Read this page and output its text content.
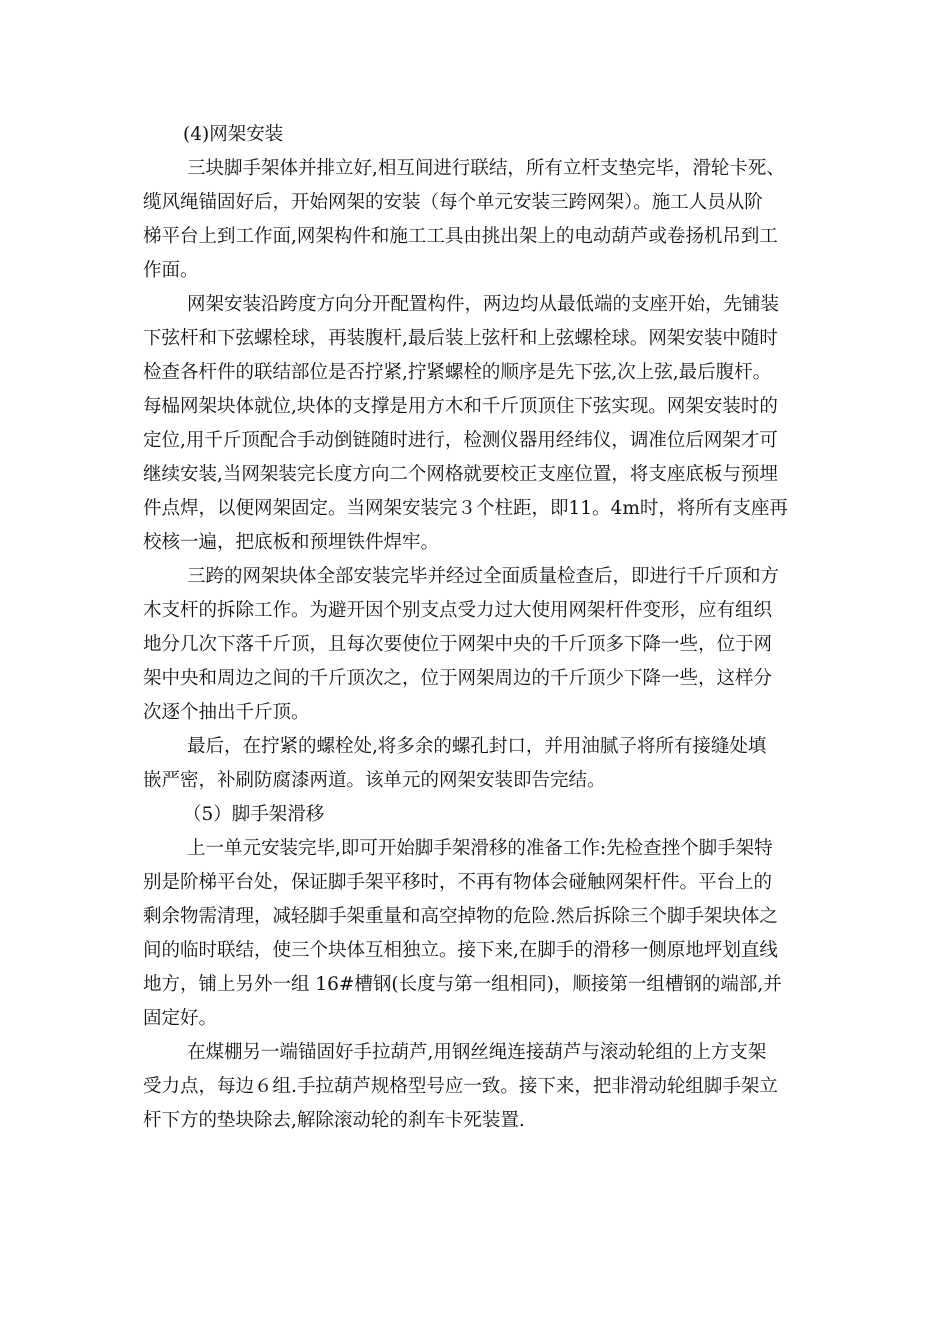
(4)网架安装
三块脚手架体并排立好,相互间进行联结，所有立杆支垫完毕，滑轮卡死、
缆风绳锚固好后，开始网架的安装（每个单元安装三跨网架）。施工人员从阶
梯平台上到工作面,网架构件和施工工具由挑出架上的电动葫芦或卷扬机吊到工
作面。
网架安装沿跨度方向分开配置构件，两边均从最低端的支座开始，先铺装
下弦杆和下弦螺栓球，再装腹杆,最后装上弦杆和上弦螺栓球。网架安装中随时
检查各杆件的联结部位是否拧紧,拧紧螺栓的顺序是先下弦,次上弦,最后腹杆。
每榀网架块体就位,块体的支撑是用方木和千斤顶顶住下弦实现。网架安装时的
定位,用千斤顶配合手动倒链随时进行，检测仪器用经纬仪，调准位后网架才可
继续安装,当网架装完长度方向二个网格就要校正支座位置，将支座底板与预埋
件点焊，以便网架固定。当网架安装完３个柱距，即11。4m时，将所有支座再
校核一遍，把底板和预埋铁件焊牢。
三跨的网架块体全部安装完毕并经过全面质量检查后，即进行千斤顶和方
木支杆的拆除工作。为避开因个别支点受力过大使用网架杆件变形，应有组织
地分几次下落千斤顶，且每次要使位于网架中央的千斤顶多下降一些，位于网
架中央和周边之间的千斤顶次之，位于网架周边的千斤顶少下降一些，这样分
次逐个抽出千斤顶。
最后，在拧紧的螺栓处,将多余的螺孔封口，并用油腻子将所有接缝处填
嵌严密，补刷防腐漆两道。该单元的网架安装即告完结。
（5）脚手架滑移
上一单元安装完毕,即可开始脚手架滑移的准备工作:先检查挫个脚手架特
别是阶梯平台处，保证脚手架平移时，不再有物体会碰触网架杆件。平台上的
剩余物需清理，减轻脚手架重量和高空掉物的危险.然后拆除三个脚手架块体之
间的临时联结，使三个块体互相独立。接下来,在脚手的滑移一侧原地坪划直线
地方，铺上另外一组 16#槽钢(长度与第一组相同)，顺接第一组槽钢的端部,并
固定好。
在煤棚另一端锚固好手拉葫芦,用钢丝绳连接葫芦与滚动轮组的上方支架
受力点，每边６组.手拉葫芦规格型号应一致。接下来，把非滑动轮组脚手架立
杆下方的垫块除去,解除滚动轮的刹车卡死装置.
